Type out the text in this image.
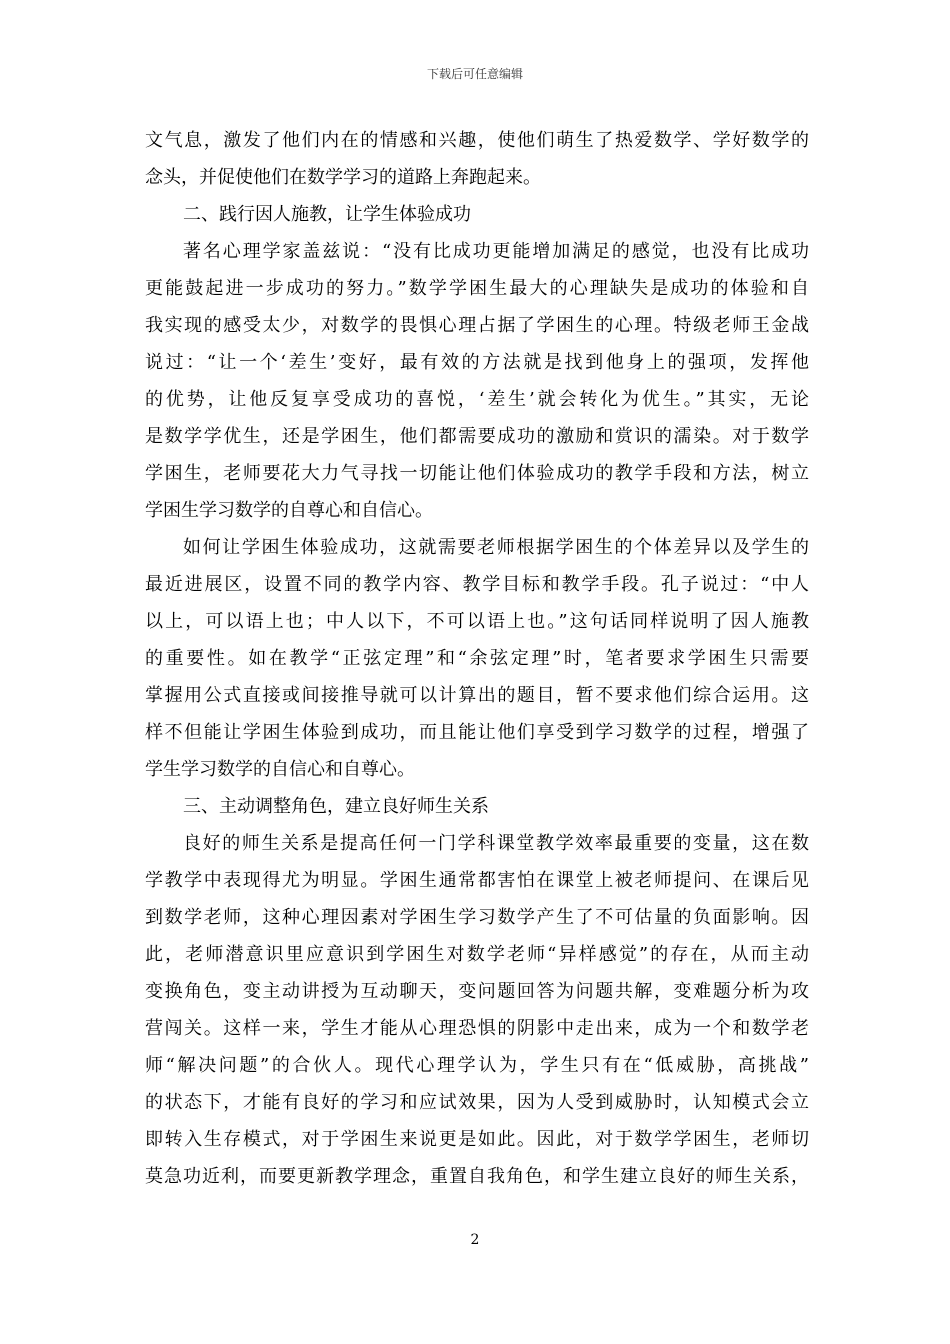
下载后可任意编辑
文气息，激发了他们内在的情感和兴趣，使他们萌生了热爱数学、学好数学的
念头，并促使他们在数学学习的道路上奔跑起来。
二、践行因人施教，让学生体验成功
著名心理学家盖兹说：“没有比成功更能增加满足的感觉，也没有比成功
更能鼓起进一步成功的努力。”数学学困生最大的心理缺失是成功的体验和自
我实现的感受太少，对数学的畏惧心理占据了学困生的心理。特级老师王金战
说过：“让一个‘差生’变好，最有效的方法就是找到他身上的强项，发挥他
的优势，让他反复享受成功的喜悦，‘差生’就会转化为优生。”其实，无论
是数学学优生，还是学困生，他们都需要成功的激励和赏识的濡染。对于数学
学困生，老师要花大力气寻找一切能让他们体验成功的教学手段和方法，树立
学困生学习数学的自尊心和自信心。
如何让学困生体验成功，这就需要老师根据学困生的个体差异以及学生的
最近进展区，设置不同的教学内容、教学目标和教学手段。孔子说过：“中人
以上，可以语上也；中人以下，不可以语上也。”这句话同样说明了因人施教
的重要性。如在教学“正弦定理”和“余弦定理”时，笔者要求学困生只需要
掌握用公式直接或间接推导就可以计算出的题目，暂不要求他们综合运用。这
样不但能让学困生体验到成功，而且能让他们享受到学习数学的过程，增强了
学生学习数学的自信心和自尊心。
三、主动调整角色，建立良好师生关系
良好的师生关系是提高任何一门学科课堂教学效率最重要的变量，这在数
学教学中表现得尤为明显。学困生通常都害怕在课堂上被老师提问、在课后见
到数学老师，这种心理因素对学困生学习数学产生了不可估量的负面影响。因
此，老师潜意识里应意识到学困生对数学老师“异样感觉”的存在，从而主动
变换角色，变主动讲授为互动聊天，变问题回答为问题共解，变难题分析为攻
营闯关。这样一来，学生才能从心理恐惧的阴影中走出来，成为一个和数学老
师“解决问题”的合伙人。现代心理学认为，学生只有在“低威胁，高挑战”
的状态下，才能有良好的学习和应试效果，因为人受到威胁时，认知模式会立
即转入生存模式，对于学困生来说更是如此。因此，对于数学学困生，老师切
莫急功近利，而要更新教学理念，重置自我角色，和学生建立良好的师生关系，
2
